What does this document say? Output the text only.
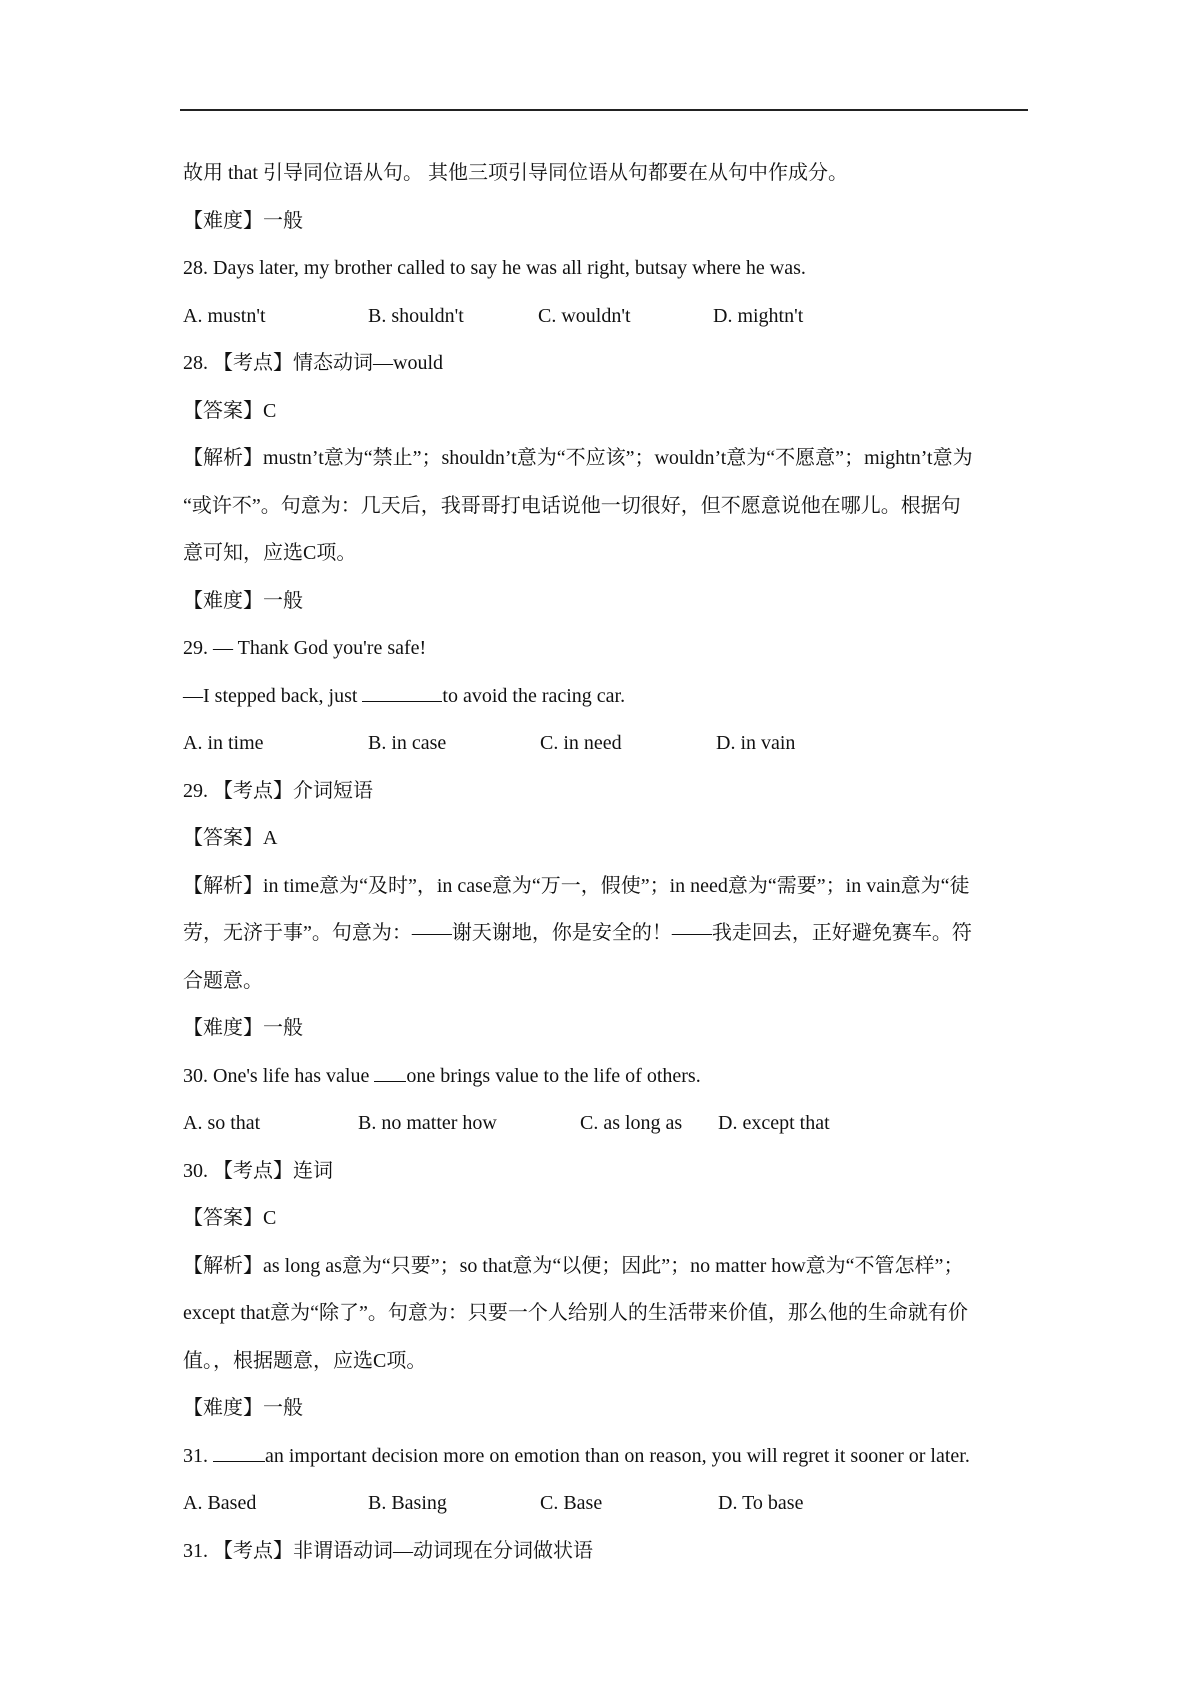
故用 that 引导同位语从句。 其他三项引导同位语从句都要在从句中作成分。
【难度】一般
28. Days later, my brother called to say he was all right, butsay where he was.
A. mustn't	B. shouldn't	C. wouldn't	D. mightn't
28. 【考点】情态动词—would
【答案】C
【解析】mustn’t意为“禁止”；shouldn’t意为“不应该”；wouldn’t意为“不愿意”；mightn’t意为
“或许不”。句意为：几天后，我哥哥打电话说他一切很好，但不愿意说他在哪儿。根据句
意可知，应选C项。
【难度】一般
29. — Thank God you're safe!
—I stepped back, just	to avoid the racing car.
A. in time	B. in case	C. in need	D. in vain
29. 【考点】介词短语
【答案】A
【解析】in time意为“及时”，in case意为“万一，假使”；in need意为“需要”；in vain意为“徒
劳，无济于事”。句意为：——谢天谢地，你是安全的！——我走回去，正好避免赛车。符
合题意。
【难度】一般
30. One's life has value one brings value to the life of others.
A. so that	B. no matter how	C. as long as D. except that
30. 【考点】连词
【答案】C
【解析】as long as意为“只要”；so that意为“以便；因此”；no matter how意为“不管怎样”；
except that意为“除了”。句意为：只要一个人给别人的生活带来价值，那么他的生命就有价
值。，根据题意，应选C项。
【难度】一般
31.	an important decision more on emotion than on reason, you will regret it sooner or later.
A. Based	B. Basing	C. Base	D. To base
31. 【考点】非谓语动词—动词现在分词做状语
